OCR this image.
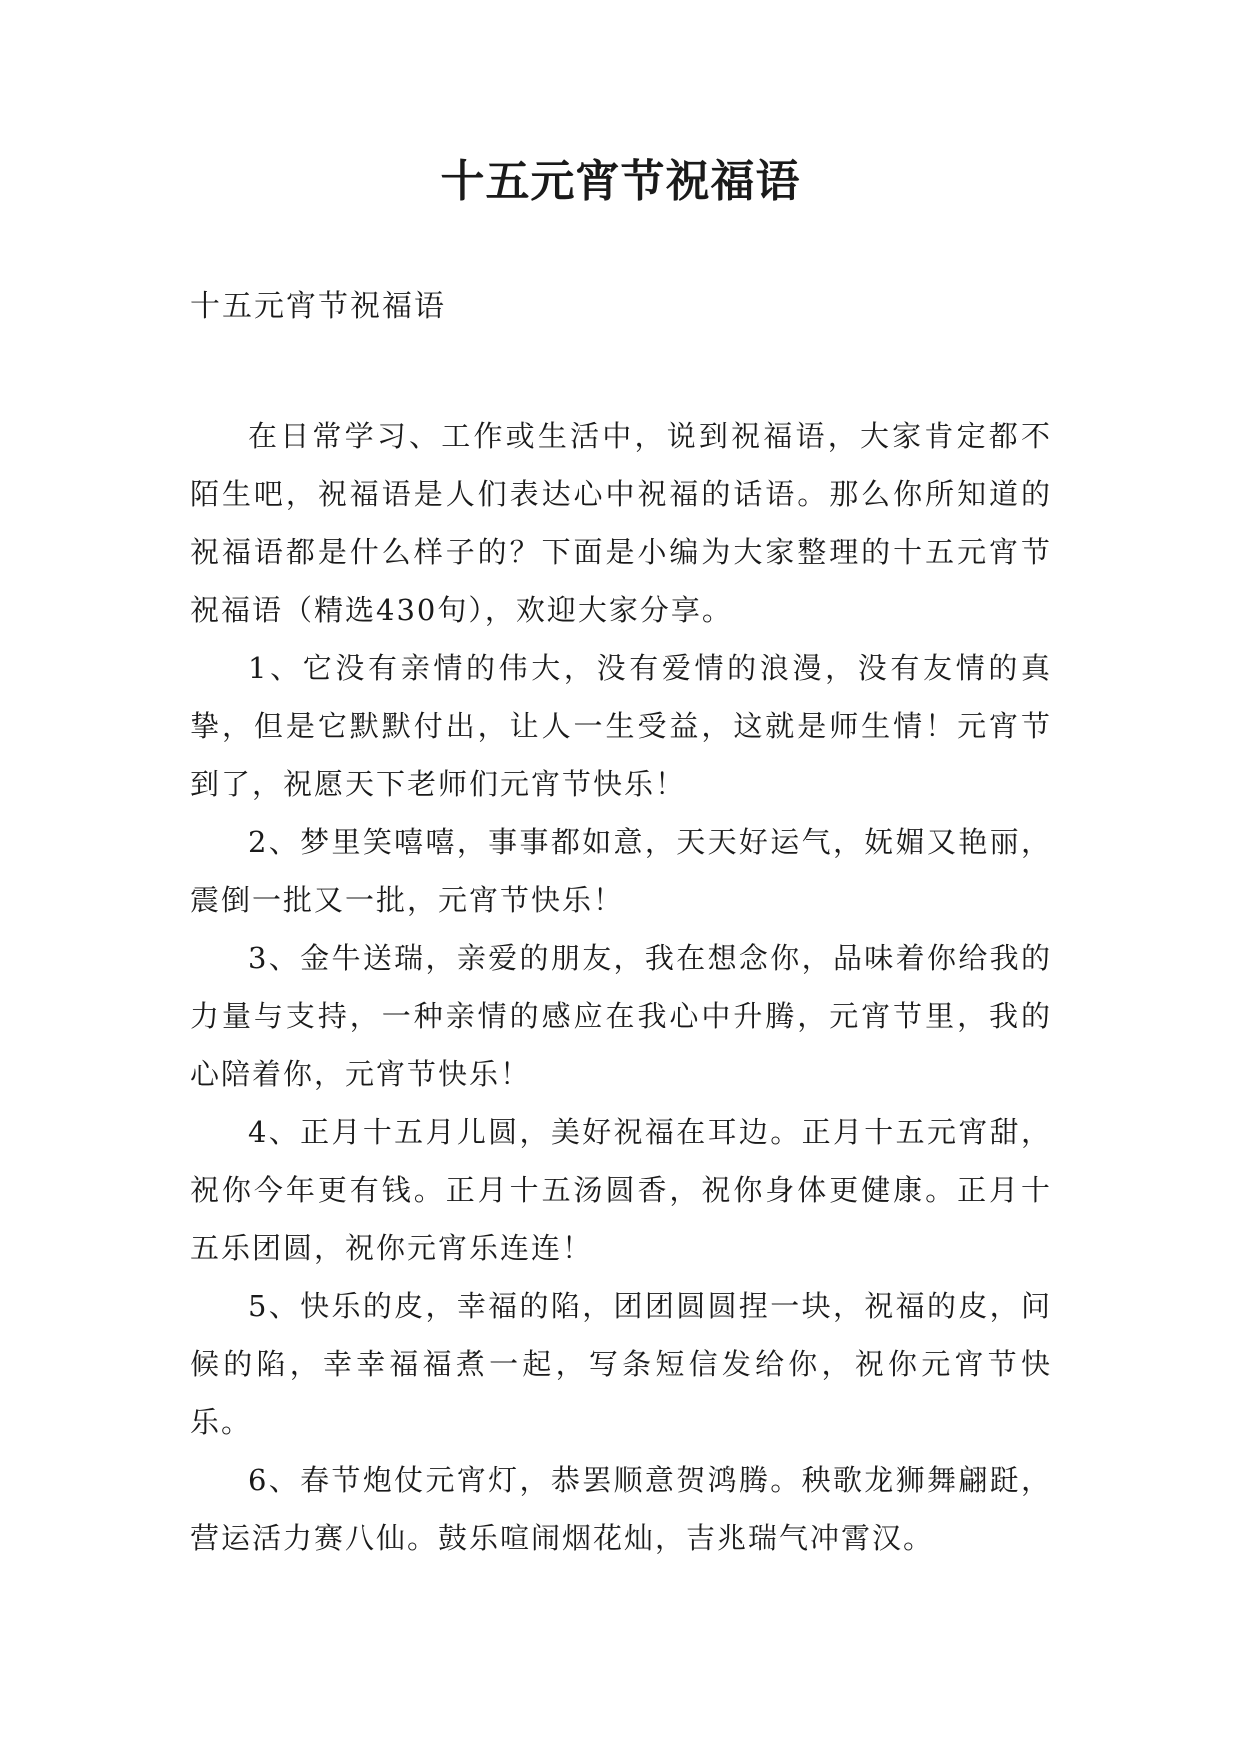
十五元宵节祝福语

十五元宵节祝福语

在日常学习、工作或生活中，说到祝福语，大家肯定都不陌生吧，祝福语是人们表达心中祝福的话语。那么你所知道的祝福语都是什么样子的？下面是小编为大家整理的十五元宵节祝福语（精选430句），欢迎大家分享。

1、它没有亲情的伟大，没有爱情的浪漫，没有友情的真挚，但是它默默付出，让人一生受益，这就是师生情！元宵节到了，祝愿天下老师们元宵节快乐！

2、梦里笑嘻嘻，事事都如意，天天好运气，妩媚又艳丽，震倒一批又一批，元宵节快乐！

3、金牛送瑞，亲爱的朋友，我在想念你，品味着你给我的力量与支持，一种亲情的感应在我心中升腾，元宵节里，我的心陪着你，元宵节快乐！

4、正月十五月儿圆，美好祝福在耳边。正月十五元宵甜，祝你今年更有钱。正月十五汤圆香，祝你身体更健康。正月十五乐团圆，祝你元宵乐连连！

5、快乐的皮，幸福的陷，团团圆圆捏一块，祝福的皮，问候的陷，幸幸福福煮一起，写条短信发给你，祝你元宵节快乐。

6、春节炮仗元宵灯，恭罢顺意贺鸿腾。秧歌龙狮舞翩跹，营运活力赛八仙。鼓乐喧闹烟花灿，吉兆瑞气冲霄汉。
